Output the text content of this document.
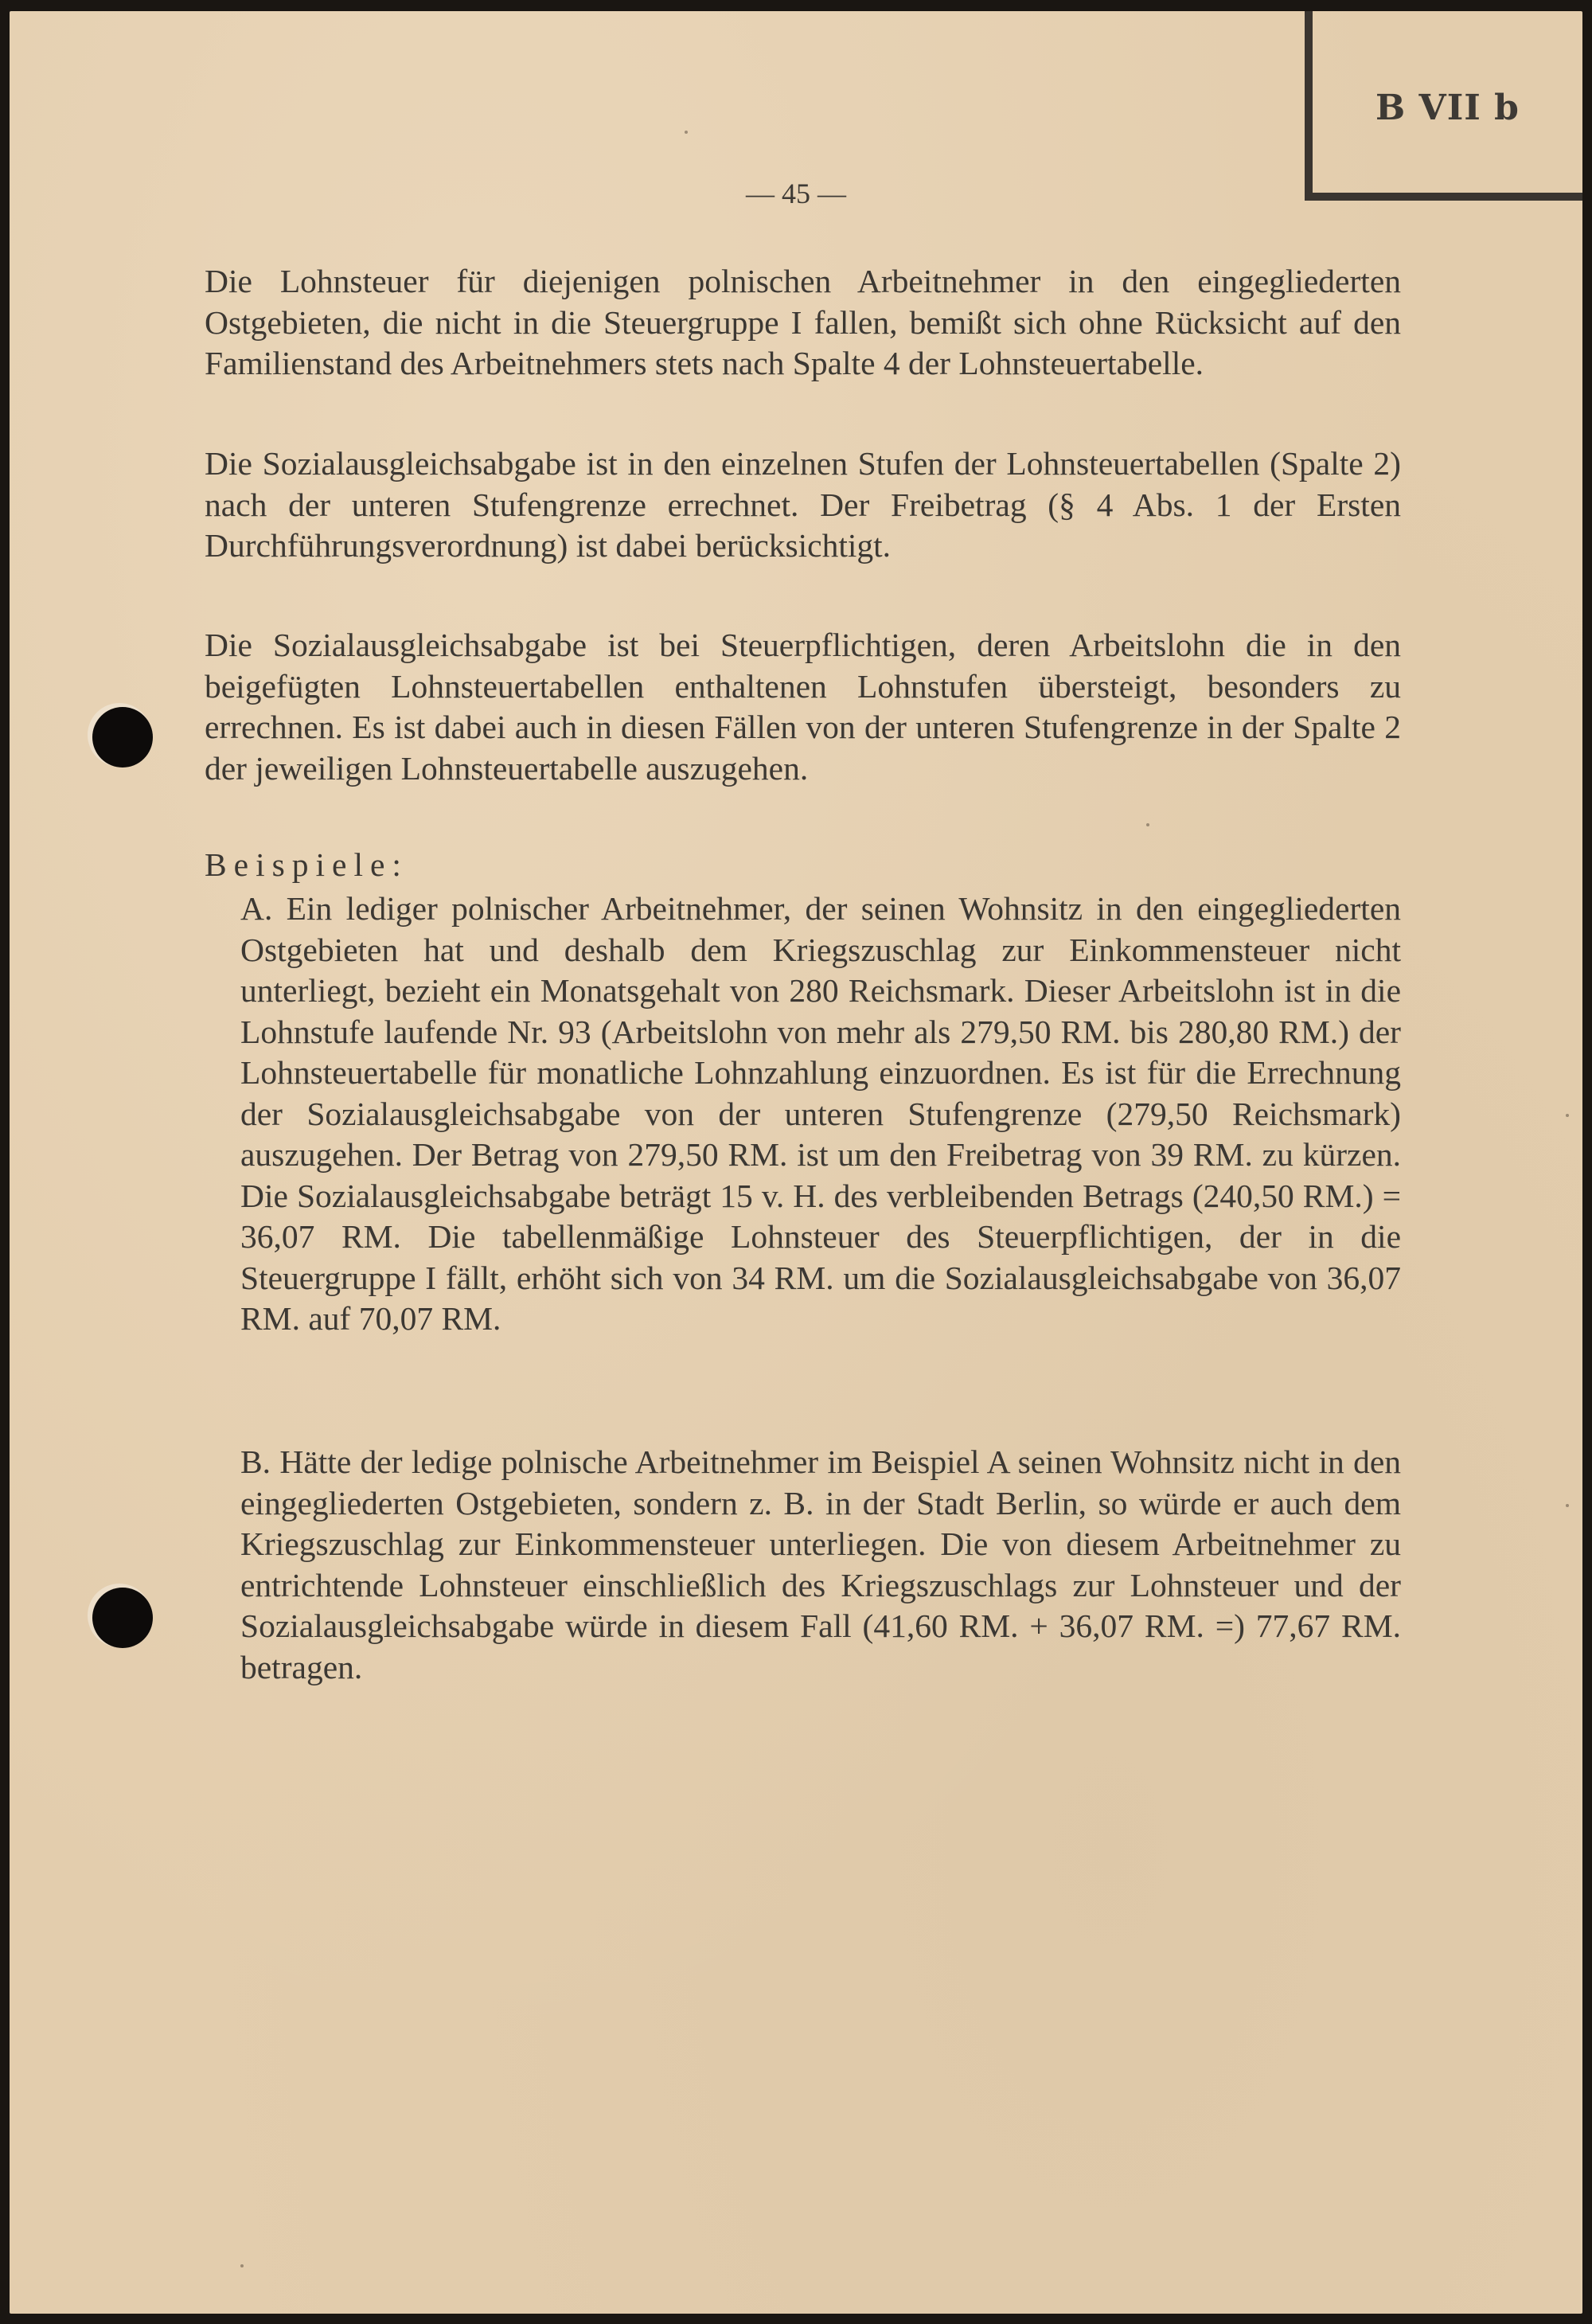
B VII b
— 45 —

Die Lohnsteuer für diejenigen polnischen Arbeitnehmer in den eingegliederten Ostgebieten, die nicht in die Steuergruppe I fallen, bemißt sich ohne Rücksicht auf den Familienstand des Arbeitnehmers stets nach Spalte 4 der Lohnsteuertabelle.

Die Sozialausgleichsabgabe ist in den einzelnen Stufen der Lohnsteuertabellen (Spalte 2) nach der unteren Stufengrenze errechnet. Der Freibetrag (§ 4 Abs. 1 der Ersten Durchführungsverordnung) ist dabei berücksichtigt.

Die Sozialausgleichsabgabe ist bei Steuerpflichtigen, deren Arbeitslohn die in den beigefügten Lohnsteuertabellen enthaltenen Lohnstufen übersteigt, besonders zu errechnen. Es ist dabei auch in diesen Fällen von der unteren Stufengrenze in der Spalte 2 der jeweiligen Lohnsteuertabelle auszugehen.

Beispiele:

A. Ein lediger polnischer Arbeitnehmer, der seinen Wohnsitz in den eingegliederten Ostgebieten hat und deshalb dem Kriegszuschlag zur Einkommensteuer nicht unterliegt, bezieht ein Monatsgehalt von 280 Reichsmark. Dieser Arbeitslohn ist in die Lohnstufe laufende Nr. 93 (Arbeitslohn von mehr als 279,50 RM. bis 280,80 RM.) der Lohnsteuertabelle für monatliche Lohnzahlung einzuordnen. Es ist für die Errechnung der Sozialausgleichsabgabe von der unteren Stufengrenze (279,50 Reichsmark) auszugehen. Der Betrag von 279,50 RM. ist um den Freibetrag von 39 RM. zu kürzen. Die Sozialausgleichsabgabe beträgt 15 v. H. des verbleibenden Betrags (240,50 RM.) = 36,07 RM. Die tabellenmäßige Lohnsteuer des Steuerpflichtigen, der in die Steuergruppe I fällt, erhöht sich von 34 RM. um die Sozialausgleichsabgabe von 36,07 RM. auf 70,07 RM.

B. Hätte der ledige polnische Arbeitnehmer im Beispiel A seinen Wohnsitz nicht in den eingegliederten Ostgebieten, sondern z. B. in der Stadt Berlin, so würde er auch dem Kriegszuschlag zur Einkommensteuer unterliegen. Die von diesem Arbeitnehmer zu entrichtende Lohnsteuer einschließlich des Kriegszuschlags zur Lohnsteuer und der Sozialausgleichsabgabe würde in diesem Fall (41,60 RM. + 36,07 RM. =) 77,67 RM. betragen.
